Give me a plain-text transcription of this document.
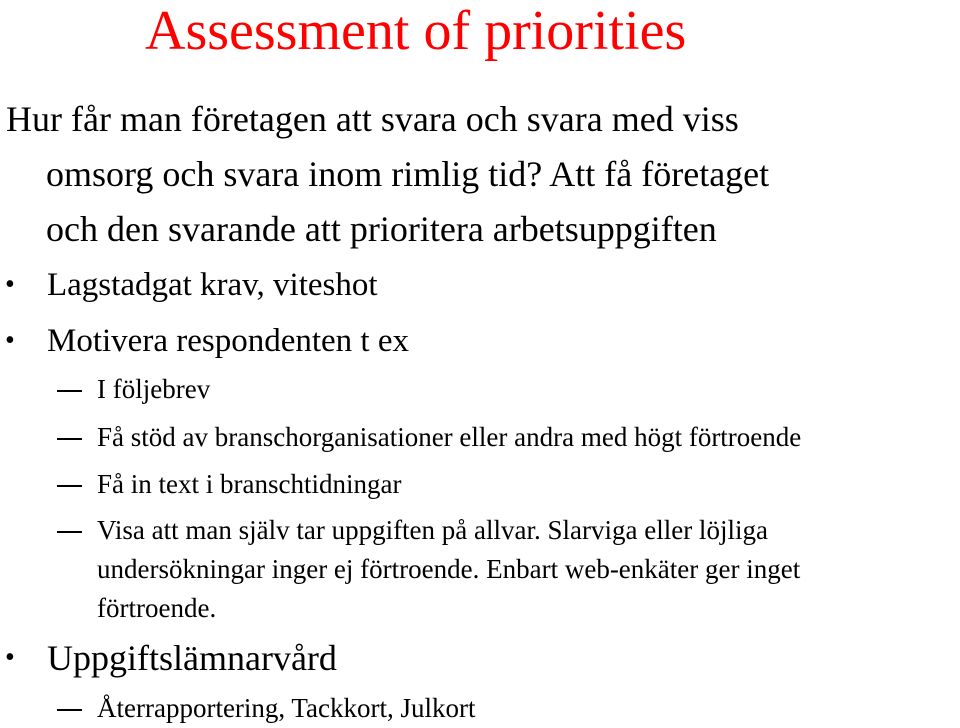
Assessment of priorities
Hur får man företagen att svara och svara med viss
omsorg och svara inom rimlig tid? Att få företaget
och den svarande att prioritera arbetsuppgiften
• Lagstadgat krav, viteshot
• Motivera respondenten t ex
I följebrev
Få stöd av branschorganisationer eller andra med högt förtroende
Få in text i branschtidningar
Visa att man själv tar uppgiften på allvar. Slarviga eller löjliga
undersökningar inger ej förtroende. Enbart web-enkäter ger inget
förtroende.
• Uppgiftslämnarvård
Återrapportering, Tackkort, Julkort
